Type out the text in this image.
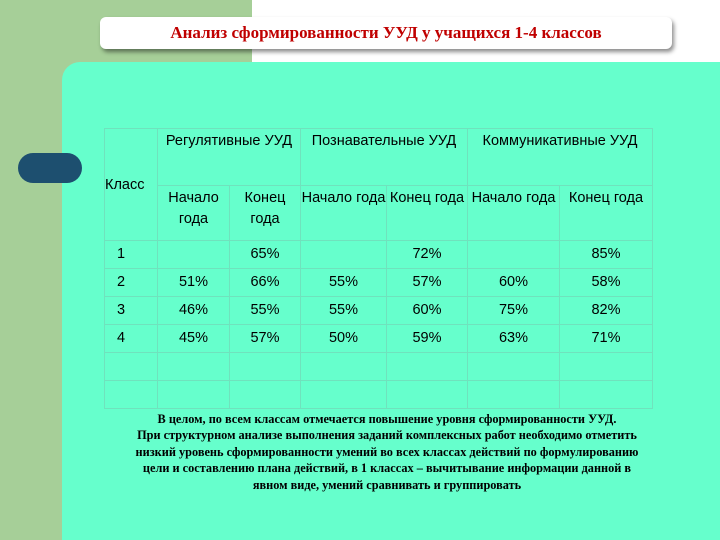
Анализ сформированности УУД у учащихся 1-4 классов
Класс	Регулятивные УУД		Познавательные УУД		Коммуникативные УУД	
	Начало года	Конец года	Начало года	Конец года	Начало года	Конец года
1		65%		72%		85%
2	51%	66%	55%	57%	60%	58%
3	46%	55%	55%	60%	75%	82%
4	45%	57%	50%	59%	63%	71%

В целом, по всем классам отмечается повышение уровня сформированности УУД.
При структурном анализе выполнения заданий комплексных работ необходимо отметить
низкий уровень сформированности умений во всех классах действий по формулированию
цели и составлению плана действий, в 1 классах – вычитывание информации данной в
явном виде, умений сравнивать и группировать
